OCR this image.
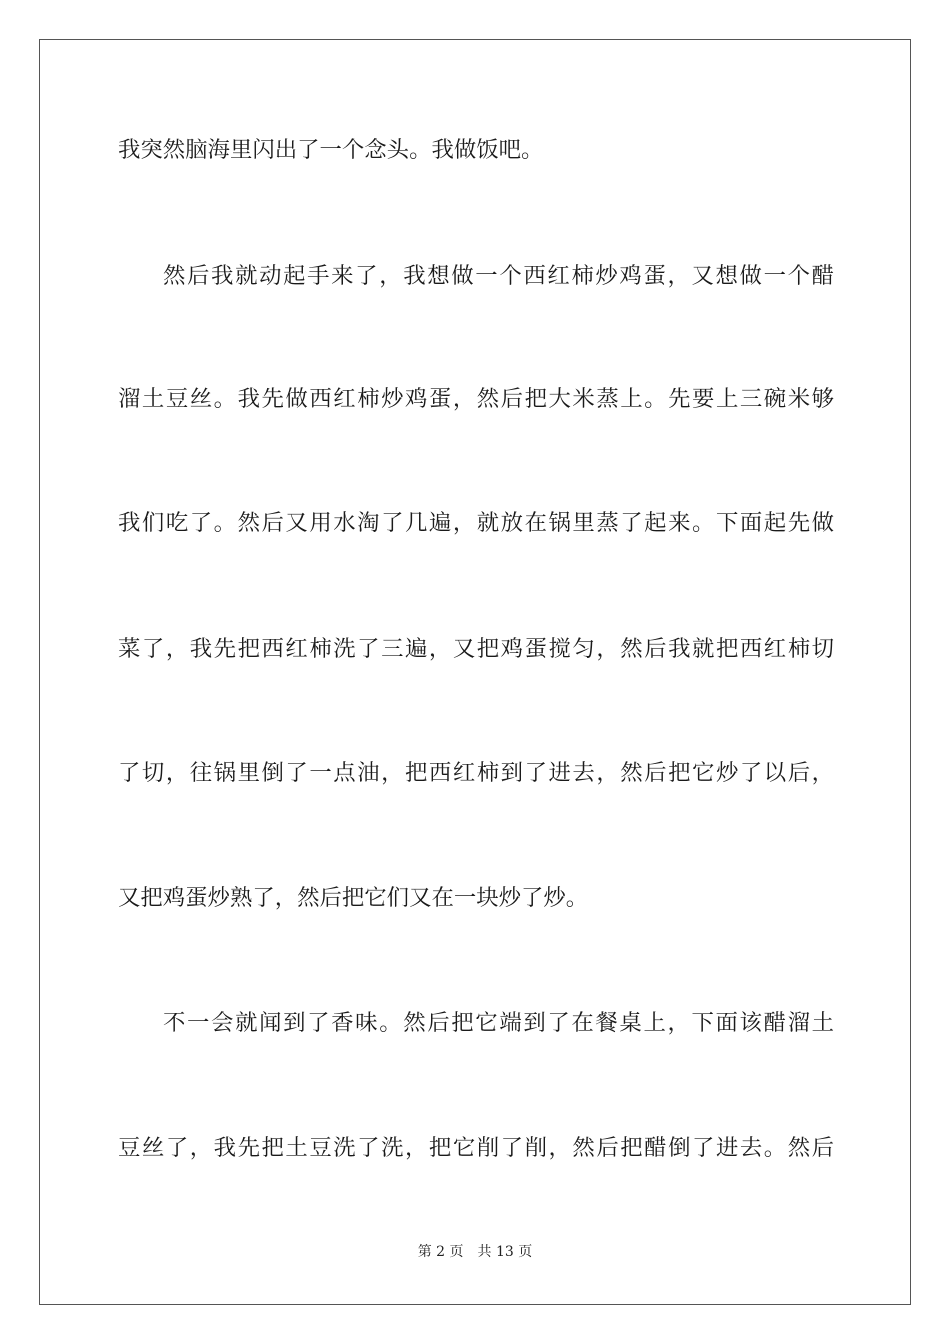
我突然脑海里闪出了一个念头。我做饭吧。
然后我就动起手来了，我想做一个西红柿炒鸡蛋，又想做一个醋
溜土豆丝。我先做西红柿炒鸡蛋，然后把大米蒸上。先要上三碗米够
我们吃了。然后又用水淘了几遍，就放在锅里蒸了起来。下面起先做
菜了，我先把西红柿洗了三遍，又把鸡蛋搅匀，然后我就把西红柿切
了切，往锅里倒了一点油，把西红柿到了进去，然后把它炒了以后，
又把鸡蛋炒熟了，然后把它们又在一块炒了炒。
不一会就闻到了香味。然后把它端到了在餐桌上，下面该醋溜土
豆丝了，我先把土豆洗了洗，把它削了削，然后把醋倒了进去。然后
第 2 页 共 13 页
